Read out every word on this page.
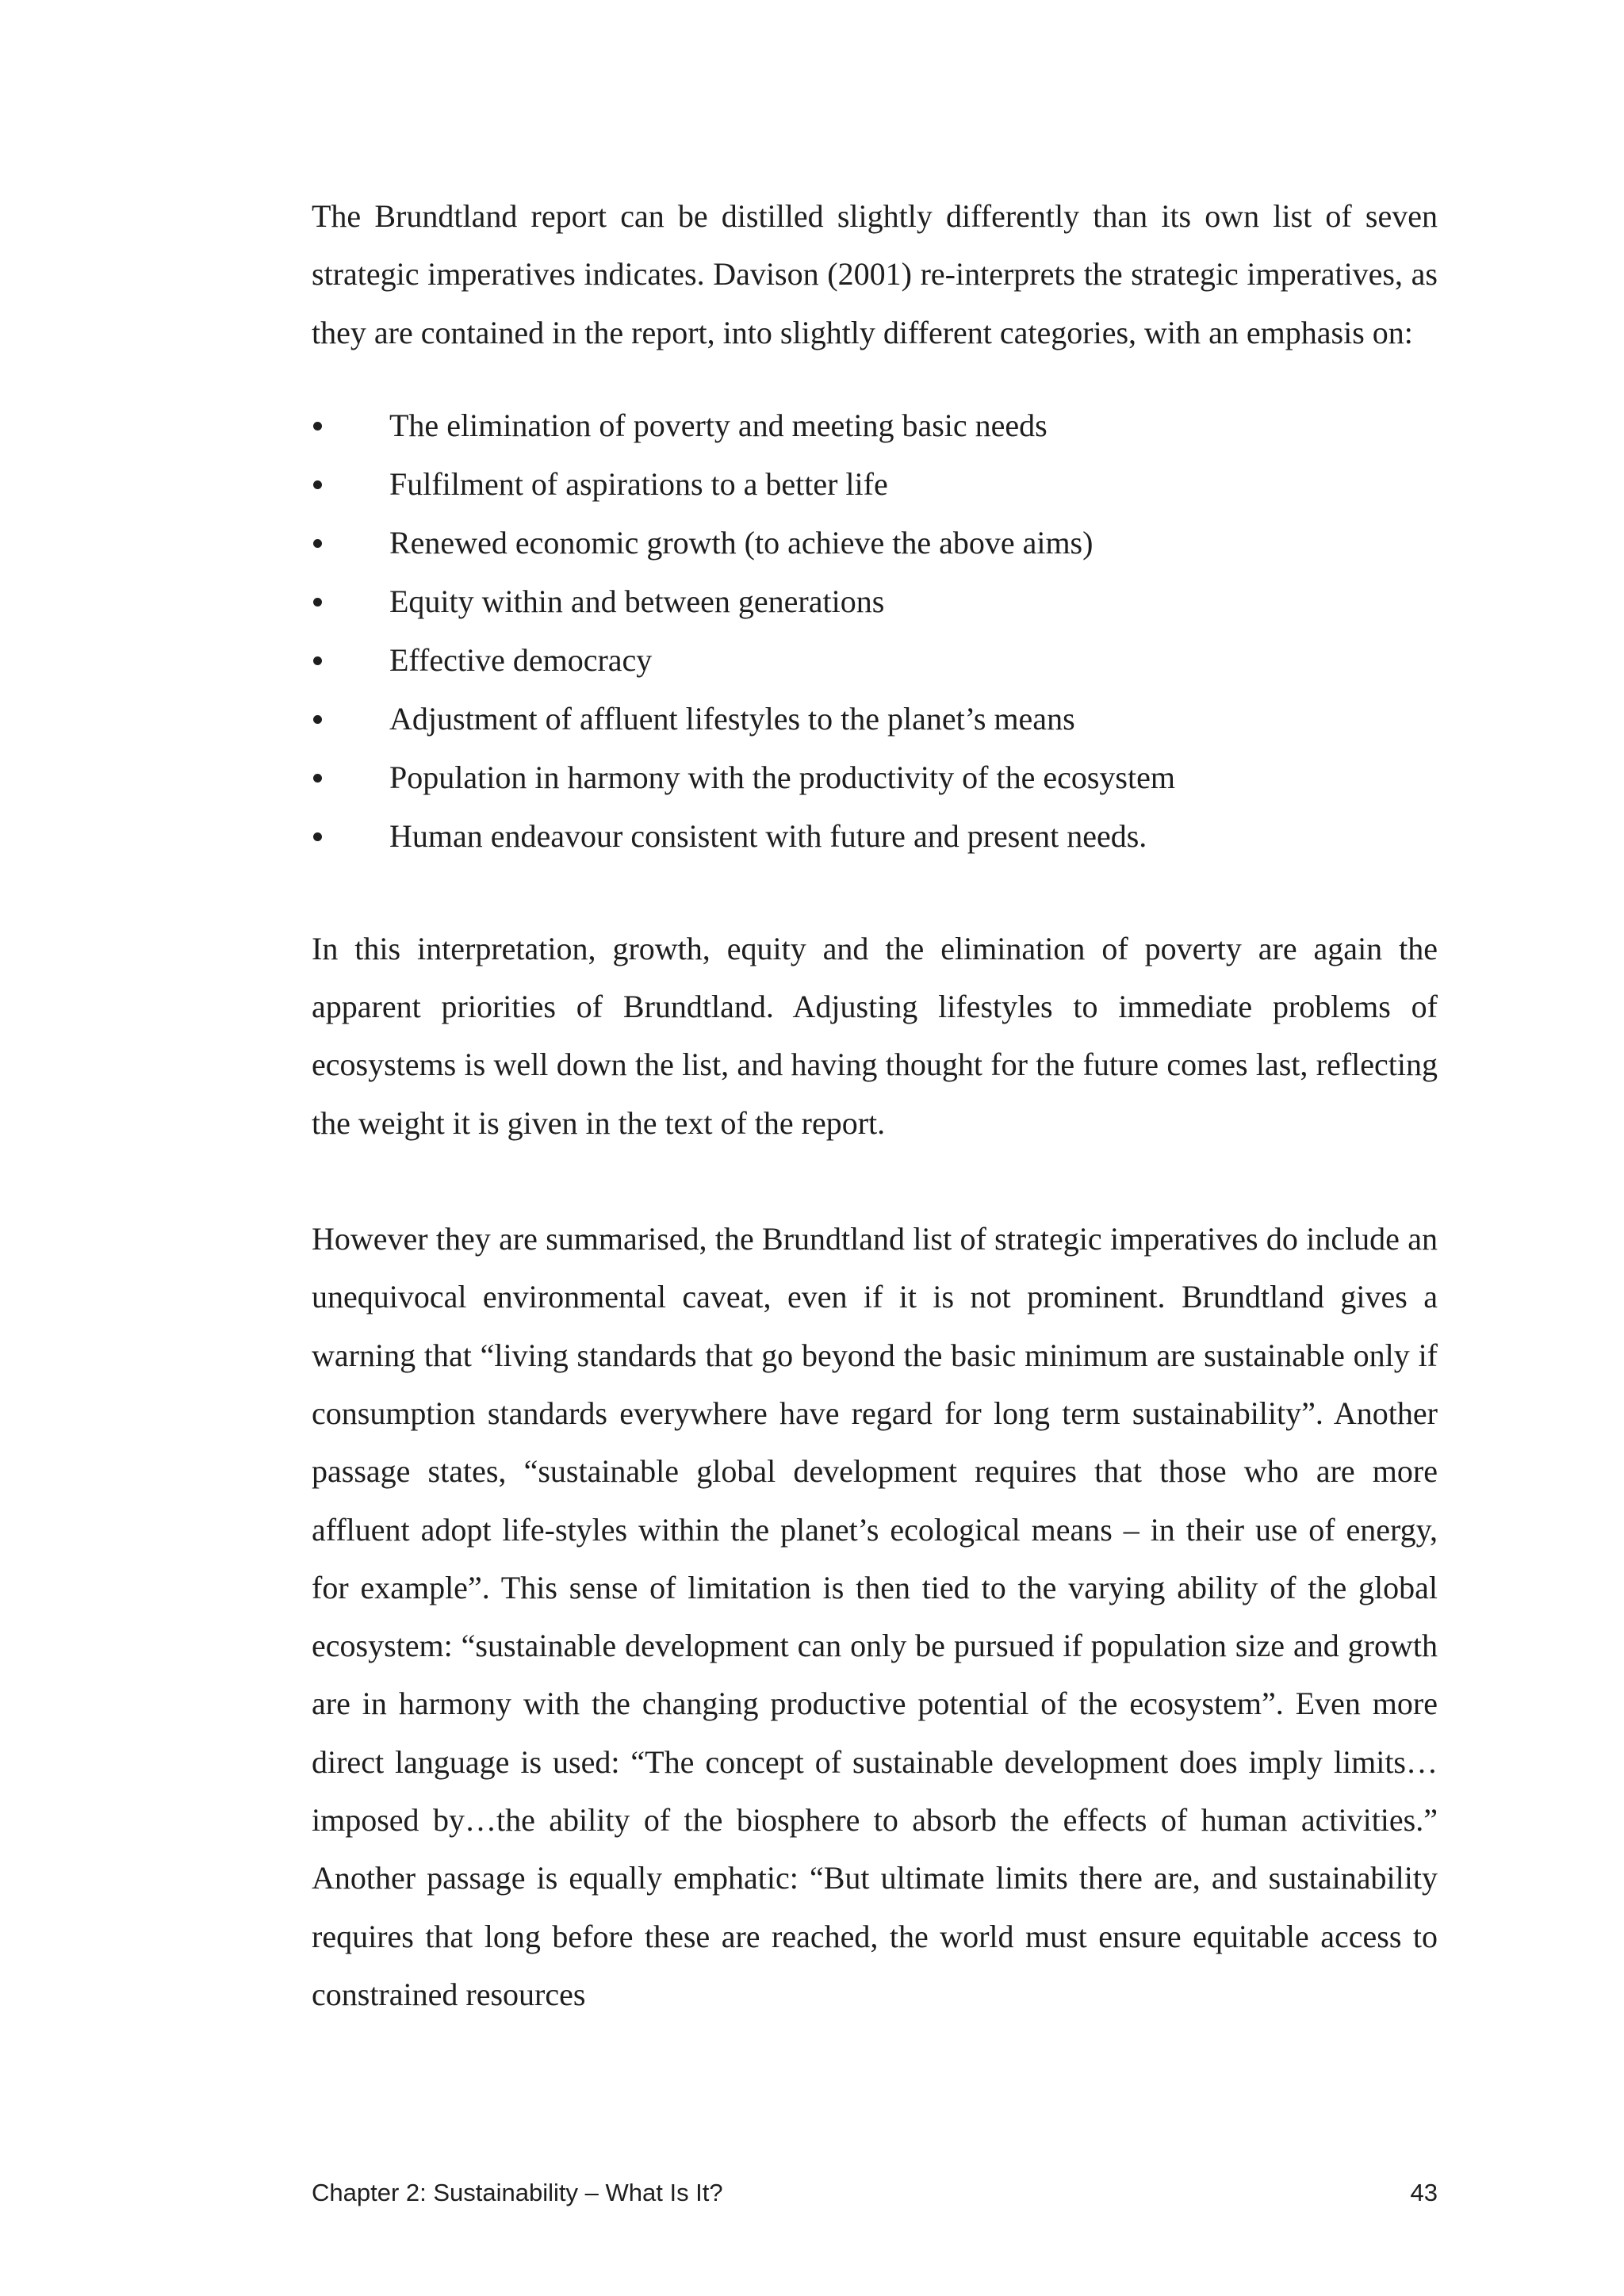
The Brundtland report can be distilled slightly differently than its own list of seven strategic imperatives indicates. Davison (2001) re-interprets the strategic imperatives, as they are contained in the report, into slightly different categories, with an emphasis on:

The elimination of poverty and meeting basic needs
Fulfilment of aspirations to a better life
Renewed economic growth (to achieve the above aims)
Equity within and between generations
Effective democracy
Adjustment of affluent lifestyles to the planet’s means
Population in harmony with the productivity of the ecosystem
Human endeavour consistent with future and present needs.

In this interpretation, growth, equity and the elimination of poverty are again the apparent priorities of Brundtland. Adjusting lifestyles to immediate problems of ecosystems is well down the list, and having thought for the future comes last, reflecting the weight it is given in the text of the report.

However they are summarised, the Brundtland list of strategic imperatives do include an unequivocal environmental caveat, even if it is not prominent. Brundtland gives a warning that “living standards that go beyond the basic minimum are sustainable only if consumption standards everywhere have regard for long term sustainability”. Another passage states, “sustainable global development requires that those who are more affluent adopt life-styles within the planet’s ecological means – in their use of energy, for example”. This sense of limitation is then tied to the varying ability of the global ecosystem: “sustainable development can only be pursued if population size and growth are in harmony with the changing productive potential of the ecosystem”. Even more direct language is used: “The concept of sustainable development does imply limits…imposed by…the ability of the biosphere to absorb the effects of human activities.” Another passage is equally emphatic: “But ultimate limits there are, and sustainability requires that long before these are reached, the world must ensure equitable access to constrained resources

Chapter 2: Sustainability – What Is It?	43
